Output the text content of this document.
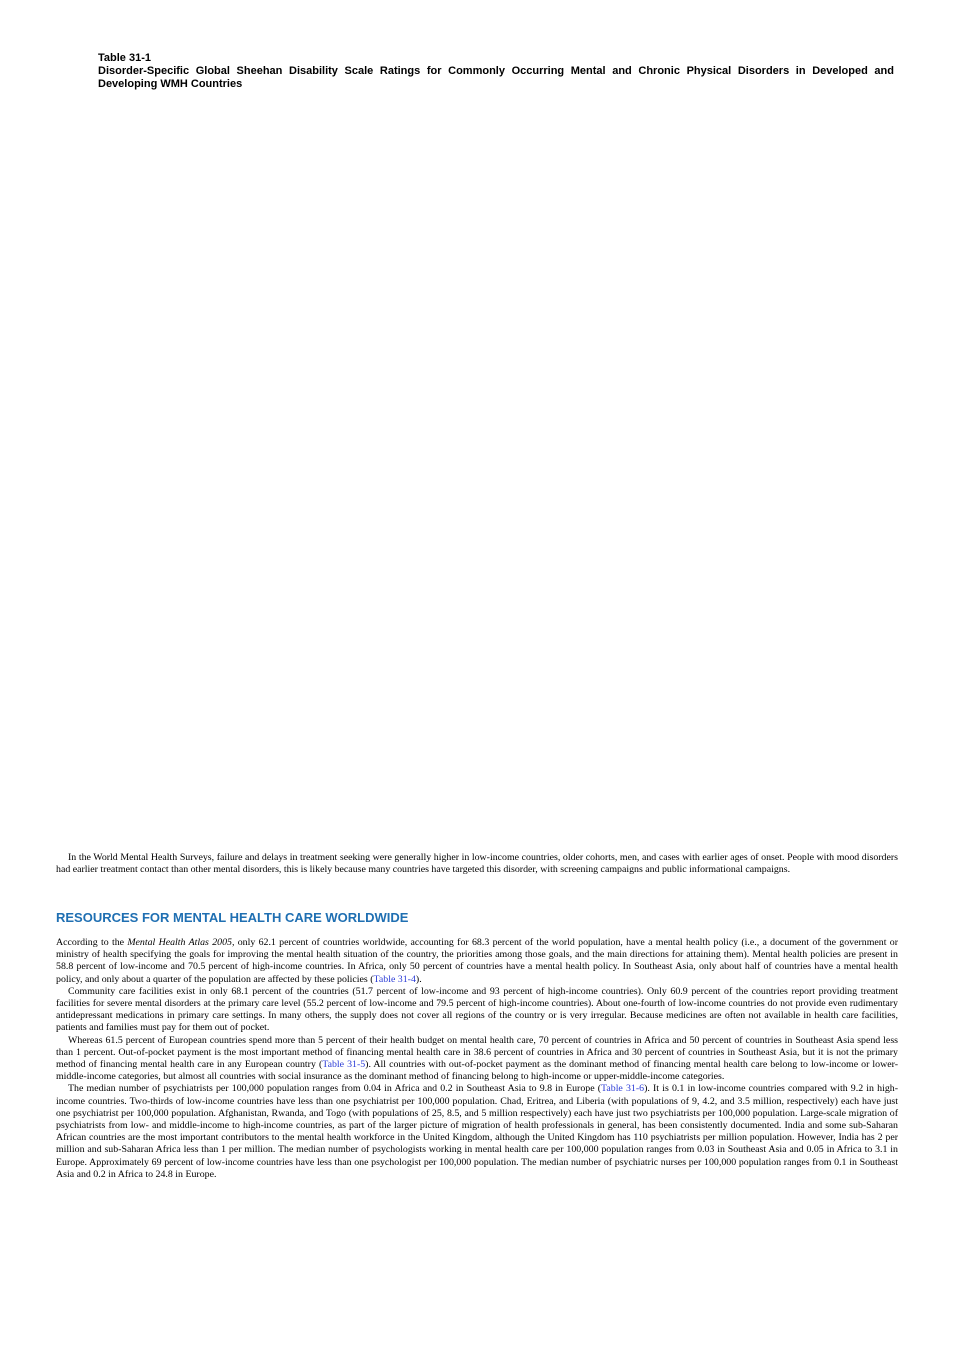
Table 31-1
Disorder-Specific Global Sheehan Disability Scale Ratings for Commonly Occurring Mental and Chronic Physical Disorders in Developed and Developing WMH Countries

In the World Mental Health Surveys, failure and delays in treatment seeking were generally higher in low-income countries, older cohorts, men, and cases with earlier ages of onset. People with mood disorders had earlier treatment contact than other mental disorders, this is likely because many countries have targeted this disorder, with screening campaigns and public informational campaigns.

RESOURCES FOR MENTAL HEALTH CARE WORLDWIDE

According to the Mental Health Atlas 2005, only 62.1 percent of countries worldwide, accounting for 68.3 percent of the world population, have a mental health policy (i.e., a document of the government or ministry of health specifying the goals for improving the mental health situation of the country, the priorities among those goals, and the main directions for attaining them). Mental health policies are present in 58.8 percent of low-income and 70.5 percent of high-income countries. In Africa, only 50 percent of countries have a mental health policy. In Southeast Asia, only about half of countries have a mental health policy, and only about a quarter of the population are affected by these policies (Table 31-4).

Community care facilities exist in only 68.1 percent of the countries (51.7 percent of low-income and 93 percent of high-income countries). Only 60.9 percent of the countries report providing treatment facilities for severe mental disorders at the primary care level (55.2 percent of low-income and 79.5 percent of high-income countries). About one-fourth of low-income countries do not provide even rudimentary antidepressant medications in primary care settings. In many others, the supply does not cover all regions of the country or is very irregular. Because medicines are often not available in health care facilities, patients and families must pay for them out of pocket.

Whereas 61.5 percent of European countries spend more than 5 percent of their health budget on mental health care, 70 percent of countries in Africa and 50 percent of countries in Southeast Asia spend less than 1 percent. Out-of-pocket payment is the most important method of financing mental health care in 38.6 percent of countries in Africa and 30 percent of countries in Southeast Asia, but it is not the primary method of financing mental health care in any European country (Table 31-5). All countries with out-of-pocket payment as the dominant method of financing mental health care belong to low-income or lower-middle-income categories, but almost all countries with social insurance as the dominant method of financing belong to high-income or upper-middle-income categories.

The median number of psychiatrists per 100,000 population ranges from 0.04 in Africa and 0.2 in Southeast Asia to 9.8 in Europe (Table 31-6). It is 0.1 in low-income countries compared with 9.2 in high-income countries. Two-thirds of low-income countries have less than one psychiatrist per 100,000 population. Chad, Eritrea, and Liberia (with populations of 9, 4.2, and 3.5 million, respectively) each have just one psychiatrist per 100,000 population. Afghanistan, Rwanda, and Togo (with populations of 25, 8.5, and 5 million respectively) each have just two psychiatrists per 100,000 population. Large-scale migration of psychiatrists from low- and middle-income to high-income countries, as part of the larger picture of migration of health professionals in general, has been consistently documented. India and some sub-Saharan African countries are the most important contributors to the mental health workforce in the United Kingdom, although the United Kingdom has 110 psychiatrists per million population. However, India has 2 per million and sub-Saharan Africa less than 1 per million. The median number of psychologists working in mental health care per 100,000 population ranges from 0.03 in Southeast Asia and 0.05 in Africa to 3.1 in Europe. Approximately 69 percent of low-income countries have less than one psychologist per 100,000 population. The median number of psychiatric nurses per 100,000 population ranges from 0.1 in Southeast Asia and 0.2 in Africa to 24.8 in Europe.
